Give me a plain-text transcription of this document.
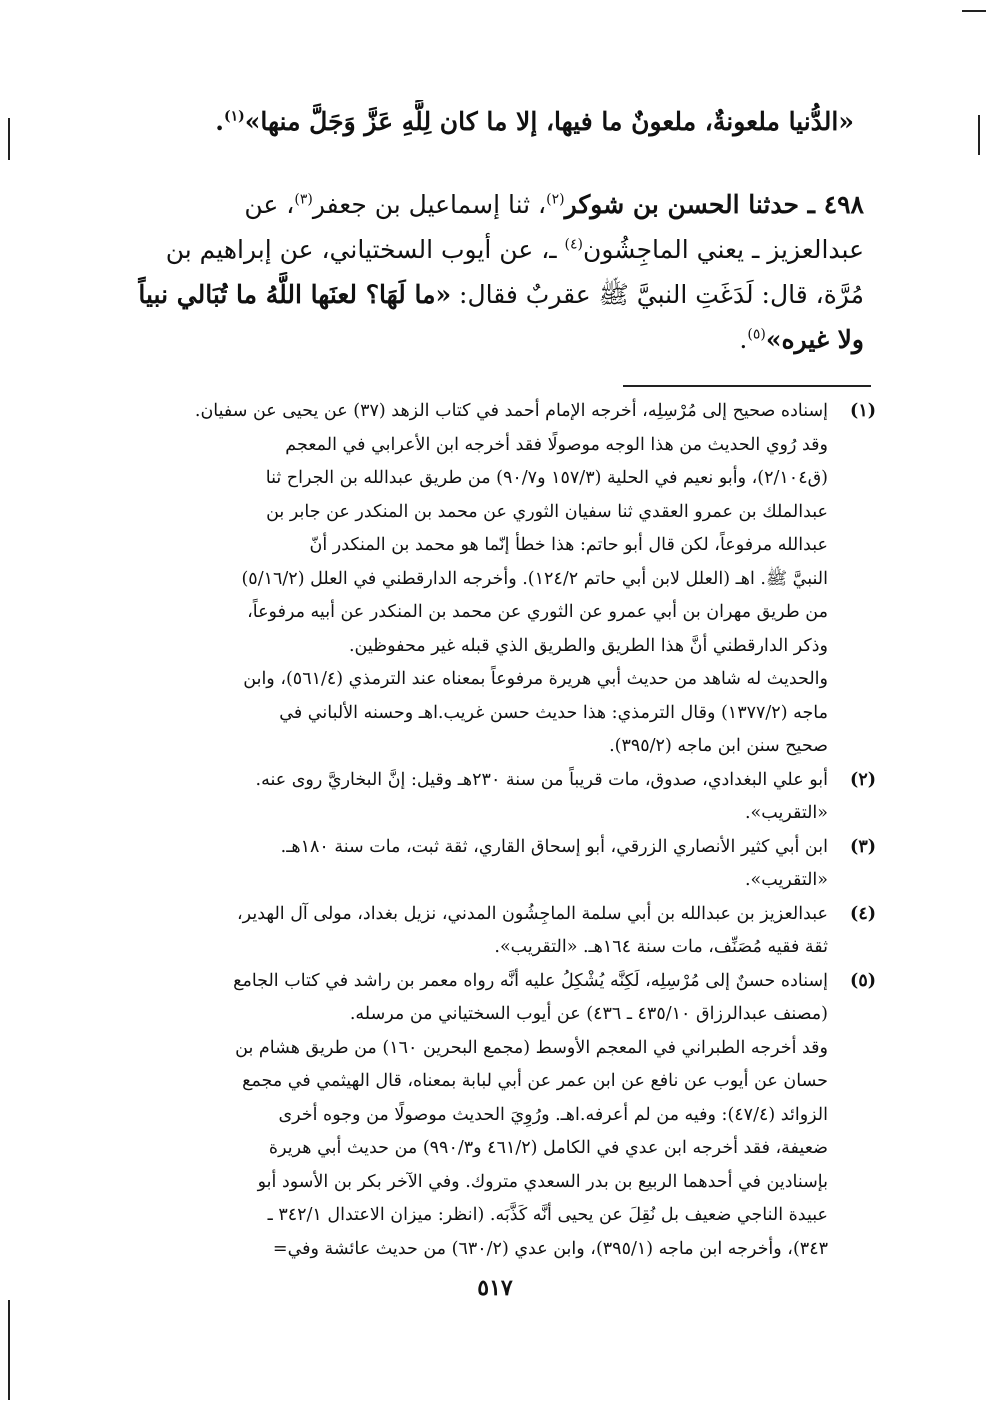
«الدُّنيا ملعونةٌ، ملعونٌ ما فيها، إلا ما كان لِلَّهِ عَزَّ وَجَلَّ منها»$^{(١)}$.
٤٩٨ ـ حدثنا الحسن بن شوكر$^{(٢)}$، ثنا إسماعيل بن جعفر$^{(٣)}$، عن
عبدالعزيز ـ يعني الماجِشُون$^{(٤)}$ ـ، عن أيوب السختياني، عن إبراهيم بن
مُرَّة، قال: لَدَغَتِ النبيَّ ﷺ عقربٌ فقال: «ما لَهَا؟ لعنَها اللَّهُ ما تُبَالي نبياً
ولا غيره»$^{(٥)}$.
(١)
إسناده صحيح إلى مُرْسِلِه، أخرجه الإمام أحمد في كتاب الزهد (٣٧) عن يحيى عن سفيان.
وقد رُوي الحديث من هذا الوجه موصولًا فقد أخرجه ابن الأعرابي في المعجم
(ق٢/١٠٤)، وأبو نعيم في الحلية (١٥٧/٣ و٩٠/٧) من طريق عبدالله بن الجراح ثنا
عبدالملك بن عمرو العقدي ثنا سفيان الثوري عن محمد بن المنكدر عن جابر بن
عبدالله مرفوعاً، لكن قال أبو حاتم: هذا خطأ إنّما هو محمد بن المنكدر أنّ
النبيَّ ﷺ. اهـ (العلل لابن أبي حاتم ١٢٤/٢). وأخرجه الدارقطني في العلل (٥/١٦/٢)
من طريق مهران بن أبي عمرو عن الثوري عن محمد بن المنكدر عن أبيه مرفوعاً،
وذكر الدارقطني أنَّ هذا الطريق والطريق الذي قبله غير محفوظين.
والحديث له شاهد من حديث أبي هريرة مرفوعاً بمعناه عند الترمذي (٥٦١/٤)، وابن
ماجه (١٣٧٧/٢) وقال الترمذي: هذا حديث حسن غريب.اهـ وحسنه الألباني في
صحيح سنن ابن ماجه (٣٩٥/٢).
(٢)
أبو علي البغدادي، صدوق، مات قريباً من سنة ٢٣٠هـ وقيل: إنَّ البخاريَّ روى عنه.
«التقريب».
(٣)
ابن أبي كثير الأنصاري الزرقي، أبو إسحاق القاري، ثقة ثبت، مات سنة ١٨٠هـ.
«التقريب».
(٤)
عبدالعزيز بن عبدالله بن أبي سلمة الماجِشُون المدني، نزيل بغداد، مولى آل الهدير،
ثقة فقيه مُصَنِّف، مات سنة ١٦٤هـ. «التقريب».
(٥)
إسناده حسنٌ إلى مُرْسِلِه، لَكِنَّه يُشْكِلُ عليه أنَّه رواه معمر بن راشد في كتاب الجامع
(مصنف عبدالرزاق ٤٣٥/١٠ ـ ٤٣٦) عن أيوب السختياني من مرسله.
وقد أخرجه الطبراني في المعجم الأوسط (مجمع البحرين ١٦٠) من طريق هشام بن
حسان عن أيوب عن نافع عن ابن عمر عن أبي لبابة بمعناه، قال الهيثمي في مجمع
الزوائد (٤٧/٤): وفيه من لم أعرفه.اهـ. ورُوِيَ الحديث موصولًا من وجوه أخرى
ضعيفة، فقد أخرجه ابن عدي في الكامل (٤٦١/٢ و٩٩٠/٣) من حديث أبي هريرة
بإسنادين في أحدهما الربيع بن بدر السعدي متروك. وفي الآخر بكر بن الأسود أبو
عبيدة الناجي ضعيف بل نُقِلَ عن يحيى أنَّه كَذَّبَه. (انظر: ميزان الاعتدال ٣٤٢/١ ـ
٣٤٣)، وأخرجه ابن ماجه (٣٩٥/١)، وابن عدي (٦٣٠/٢) من حديث عائشة وفي=
٥١٧
